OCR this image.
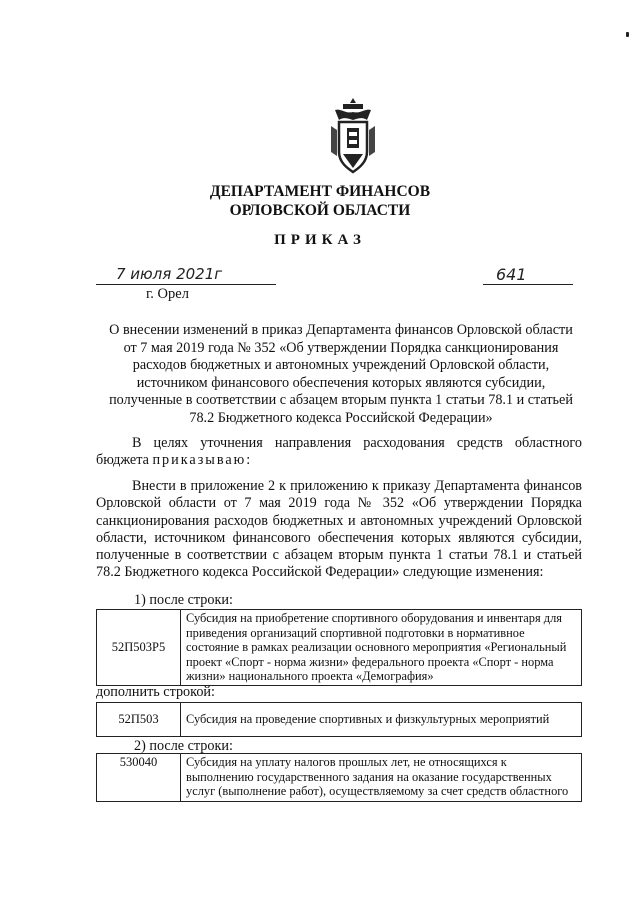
ДЕПАРТАМЕНТ ФИНАНСОВ
ОРЛОВСКОЙ ОБЛАСТИ
ПРИКАЗ
7 июля 2021г	641
г. Орел
О внесении изменений в приказ Департамента финансов Орловской области
от 7 мая 2019 года № 352 «Об утверждении Порядка санкционирования
расходов бюджетных и автономных учреждений Орловской области,
источником финансового обеспечения которых являются субсидии,
полученные в соответствии с абзацем вторым пункта 1 статьи 78.1 и статьей
78.2 Бюджетного кодекса Российской Федерации»
В целях уточнения направления расходования средств областного бюджета приказываю:
Внести в приложение 2 к приложению к приказу Департамента финансов Орловской области от 7 мая 2019 года № 352 «Об утверждении Порядка санкционирования расходов бюджетных и автономных учреждений Орловской области, источником финансового обеспечения которых являются субсидии, полученные в соответствии с абзацем вторым пункта 1 статьи 78.1 и статьей 78.2 Бюджетного кодекса Российской Федерации» следующие изменения:
1) после строки:
52П503Р5	Субсидия на приобретение спортивного оборудования и инвентаря для приведения организаций спортивной подготовки в нормативное состояние в рамках реализации основного мероприятия «Региональный проект «Спорт - норма жизни» федерального проекта «Спорт - норма жизни» национального проекта «Демография»
дополнить строкой:
52П503	Субсидия на проведение спортивных и физкультурных мероприятий
2) после строки:
530040	Субсидия на уплату налогов прошлых лет, не относящихся к выполнению государственного задания на оказание государственных услуг (выполнение работ), осуществляемому за счет средств областного
